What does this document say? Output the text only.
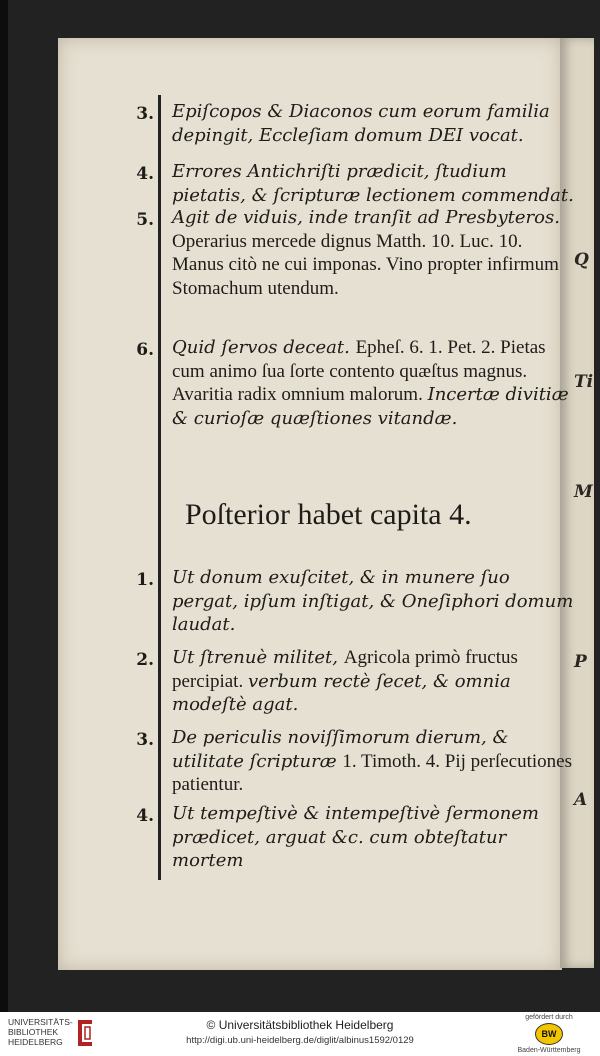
Q
Ti
M
P
A
3. Epiſcopos & Diaconos cum eorum familia depingit, Eccleſiam domum DEI vocat.
4. Errores Antichriſti prædicit, ſtudium pietatis, & ſcripturæ lectionem commendat.
5. Agit de viduis, inde tranſit ad Presbyteros. Operarius mercede dignus Matth. 10. Luc. 10. Manus citò ne cui imponas. Vino propter infirmum Stomachum utendum.
6. Quid ſervos deceat. Epheſ. 6. 1. Pet. 2. Pietas cum animo ſua ſorte contento quæſtus magnus. Avaritia radix omnium malorum. Incertæ divitiæ & curioſæ quæſtiones vitandæ.
Poſterior habet capita 4.
1. Ut donum exuſcitet, & in munere ſuo pergat, ipſum inſtigat, & Oneſiphori domum laudat.
2. Ut ſtrenuè militet, Agricola primò fructus percipiat. verbum rectè ſecet, & omnia modeſtè agat.
3. De periculis noviſſimorum dierum, & utilitate ſcripturæ 1. Timoth. 4. Pij perſecutiones patientur.
4. Ut tempeſtivè & intempeſtivè ſermonem prædicet, arguat &c. cum obteſtatur mortem
UNIVERSITÄTS-
BIBLIOTHEK
HEIDELBERG
© Universitätsbibliothek Heidelberg
http://digi.ub.uni-heidelberg.de/diglit/albinus1592/0129
gefördert durch
BW
Baden-Württemberg
